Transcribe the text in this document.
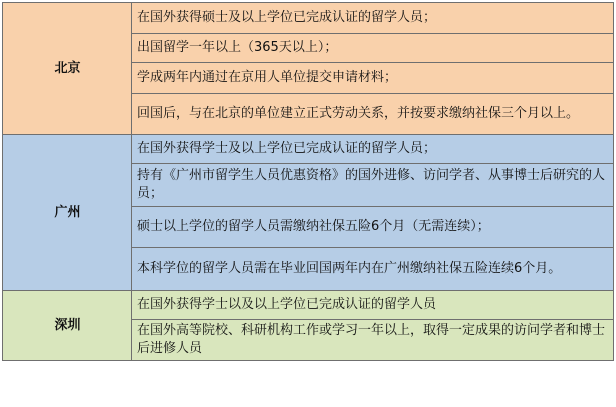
北京	在国外获得硕士及以上学位已完成认证的留学人员；
	出国留学一年以上（365天以上）；
	学成两年内通过在京用人单位提交申请材料；
	回国后，与在北京的单位建立正式劳动关系，并按要求缴纳社保三个月以上。
广州	在国外获得学士及以上学位已完成认证的留学人员；
	持有《广州市留学生人员优惠资格》的国外进修、访问学者、从事博士后研究的人员；
	硕士以上学位的留学人员需缴纳社保五险6个月（无需连续）；
	本科学位的留学人员需在毕业回国两年内在广州缴纳社保五险连续6个月。
深圳	在国外获得学士以及以上学位已完成认证的留学人员
	在国外高等院校、科研机构工作或学习一年以上，取得一定成果的访问学者和博士后进修人员
